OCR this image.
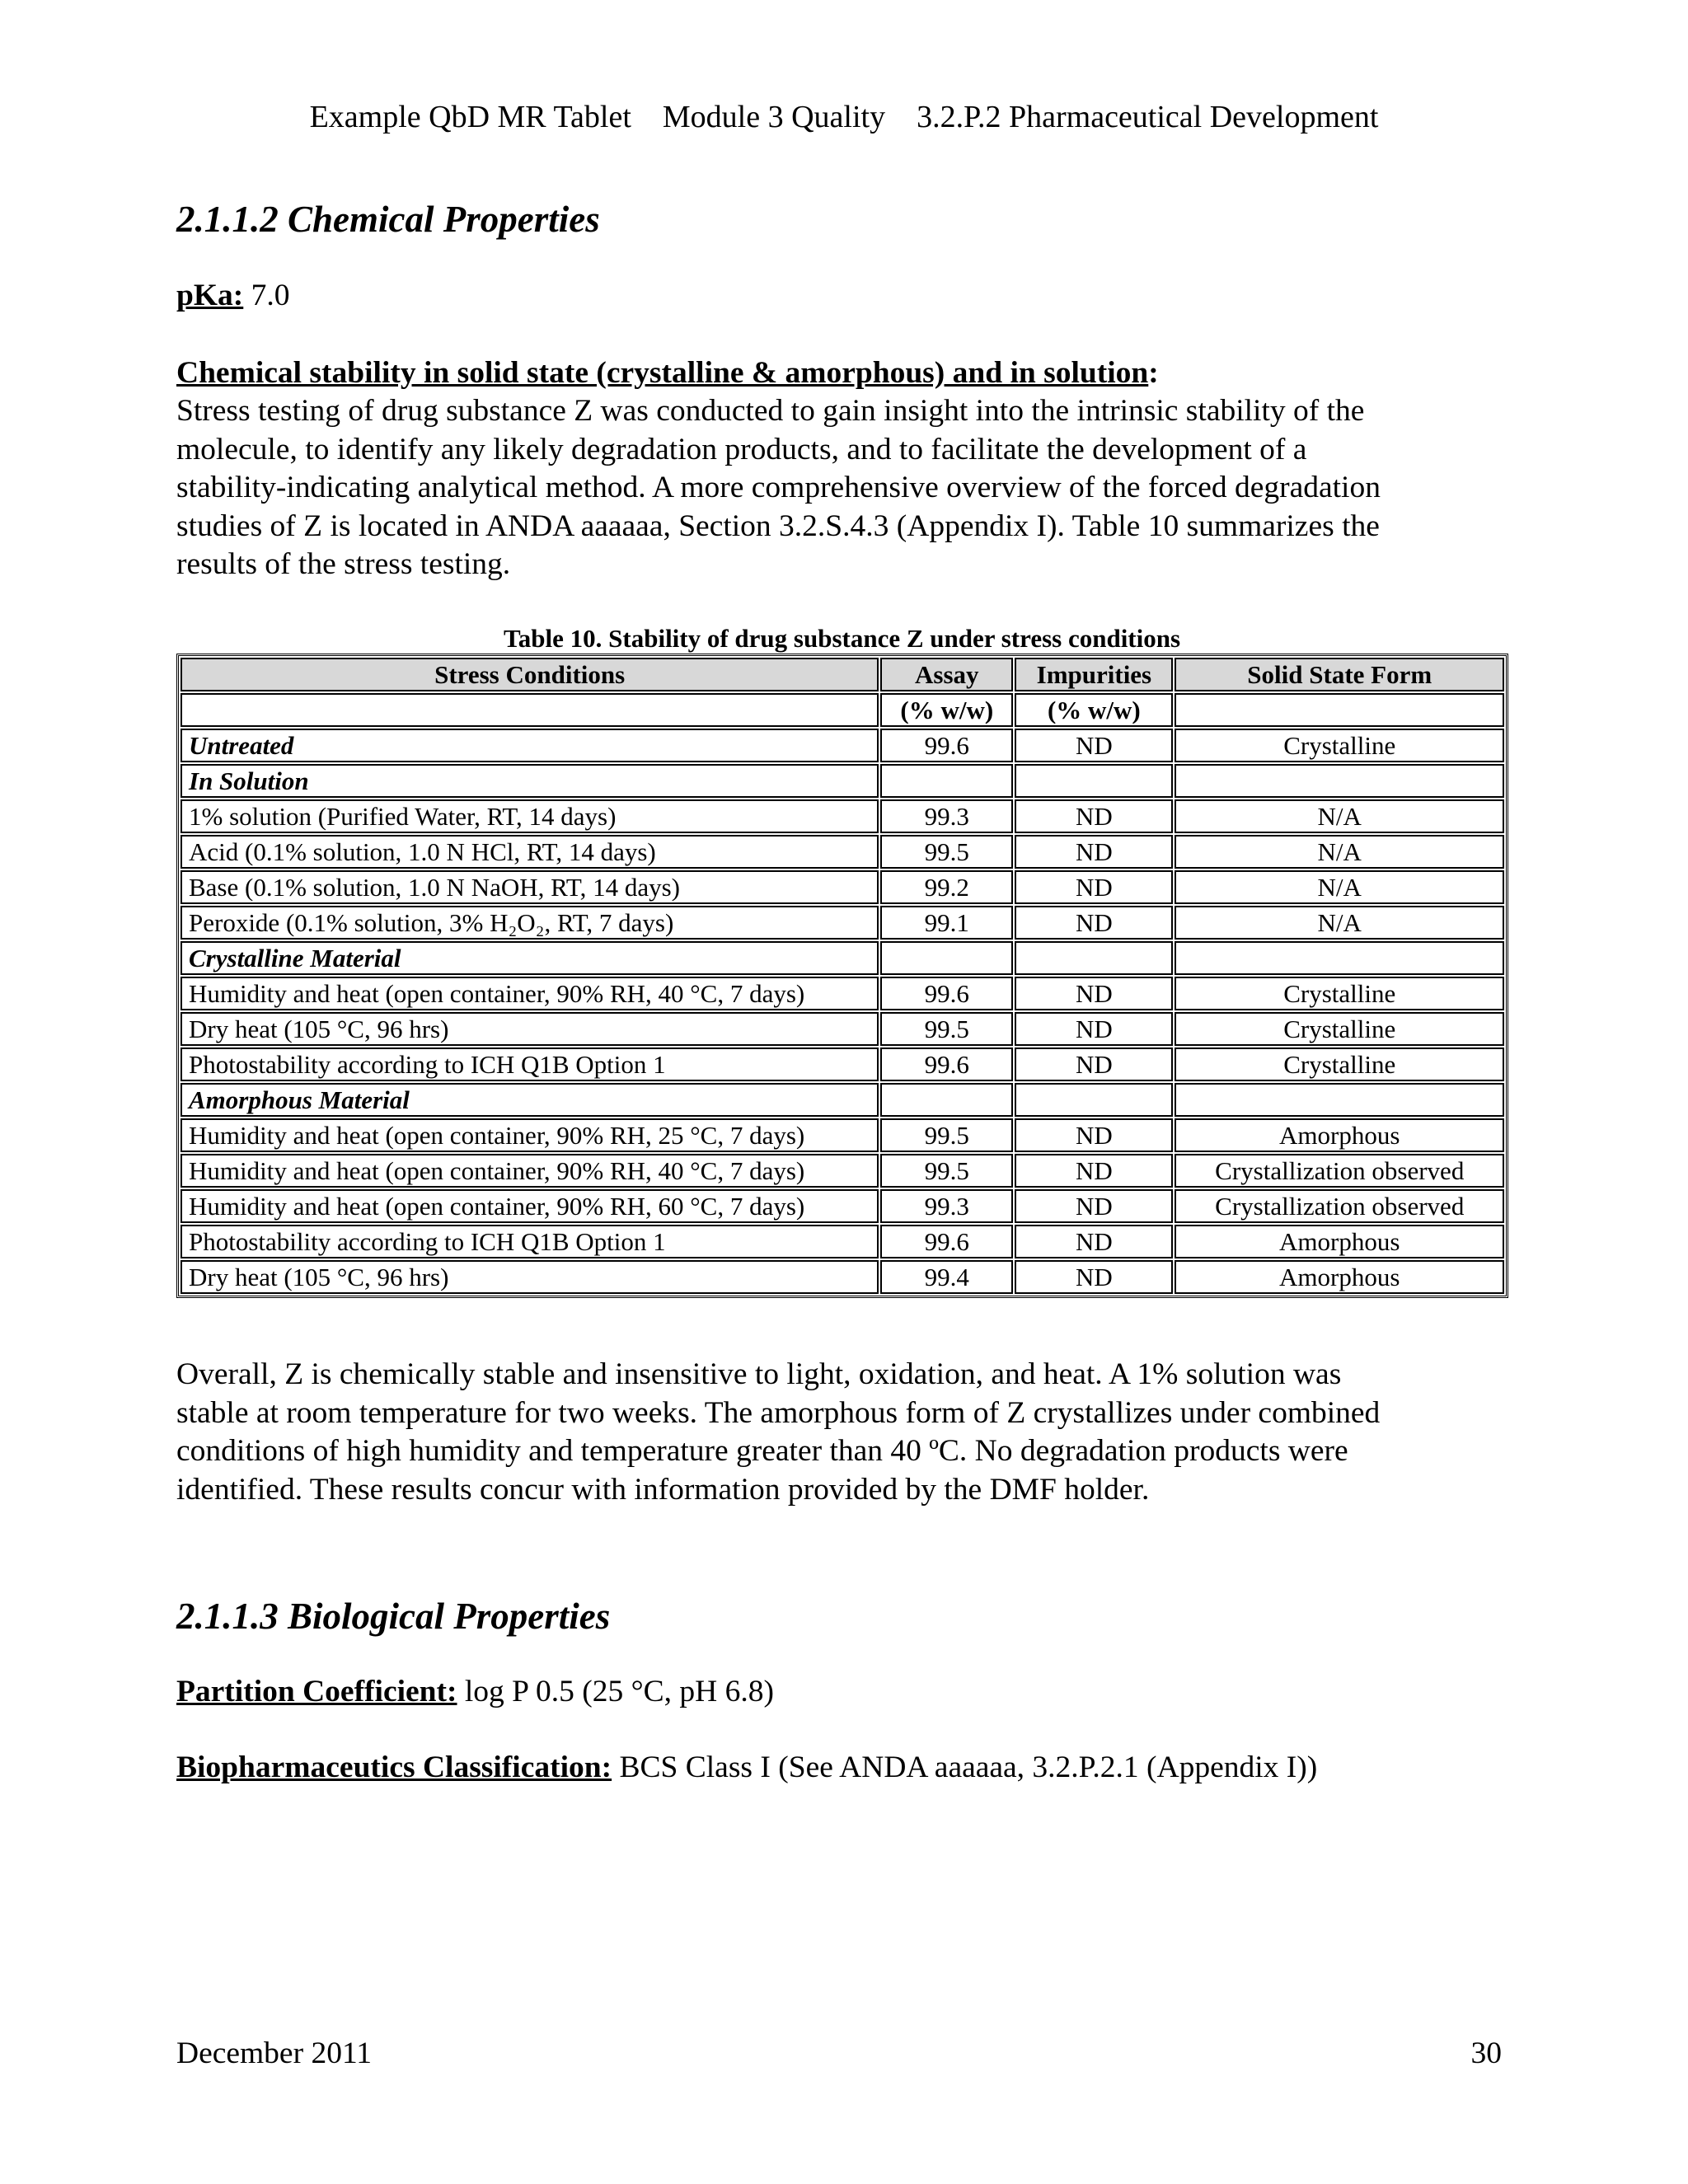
Example QbD MR Tablet    Module 3 Quality    3.2.P.2 Pharmaceutical Development
2.1.1.2 Chemical Properties
pKa: 7.0
Chemical stability in solid state (crystalline & amorphous) and in solution:
Stress testing of drug substance Z was conducted to gain insight into the intrinsic stability of the
molecule, to identify any likely degradation products, and to facilitate the development of a
stability-indicating analytical method. A more comprehensive overview of the forced degradation
studies of Z is located in ANDA aaaaaa, Section 3.2.S.4.3 (Appendix I). Table 10 summarizes the
results of the stress testing.
Table 10. Stability of drug substance Z under stress conditions
Stress Conditions	Assay	Impurities	Solid State Form
	(% w/w)	(% w/w)	
Untreated	99.6	ND	Crystalline
In Solution			
1% solution (Purified Water, RT, 14 days)	99.3	ND	N/A
Acid (0.1% solution, 1.0 N HCl, RT, 14 days)	99.5	ND	N/A
Base (0.1% solution, 1.0 N NaOH, RT, 14 days)	99.2	ND	N/A
Peroxide (0.1% solution, 3% H₂O₂, RT, 7 days)	99.1	ND	N/A
Crystalline Material			
Humidity and heat (open container, 90% RH, 40 °C, 7 days)	99.6	ND	Crystalline
Dry heat (105 °C, 96 hrs)	99.5	ND	Crystalline
Photostability according to ICH Q1B Option 1	99.6	ND	Crystalline
Amorphous Material			
Humidity and heat (open container, 90% RH, 25 °C, 7 days)	99.5	ND	Amorphous
Humidity and heat (open container, 90% RH, 40 °C, 7 days)	99.5	ND	Crystallization observed
Humidity and heat (open container, 90% RH, 60 °C, 7 days)	99.3	ND	Crystallization observed
Photostability according to ICH Q1B Option 1	99.6	ND	Amorphous
Dry heat (105 °C, 96 hrs)	99.4	ND	Amorphous
Overall, Z is chemically stable and insensitive to light, oxidation, and heat. A 1% solution was
stable at room temperature for two weeks. The amorphous form of Z crystallizes under combined
conditions of high humidity and temperature greater than 40 ºC. No degradation products were
identified. These results concur with information provided by the DMF holder.
2.1.1.3 Biological Properties
Partition Coefficient: log P 0.5 (25 °C, pH 6.8)
Biopharmaceutics Classification: BCS Class I (See ANDA aaaaaa, 3.2.P.2.1 (Appendix I))
December 2011	30
